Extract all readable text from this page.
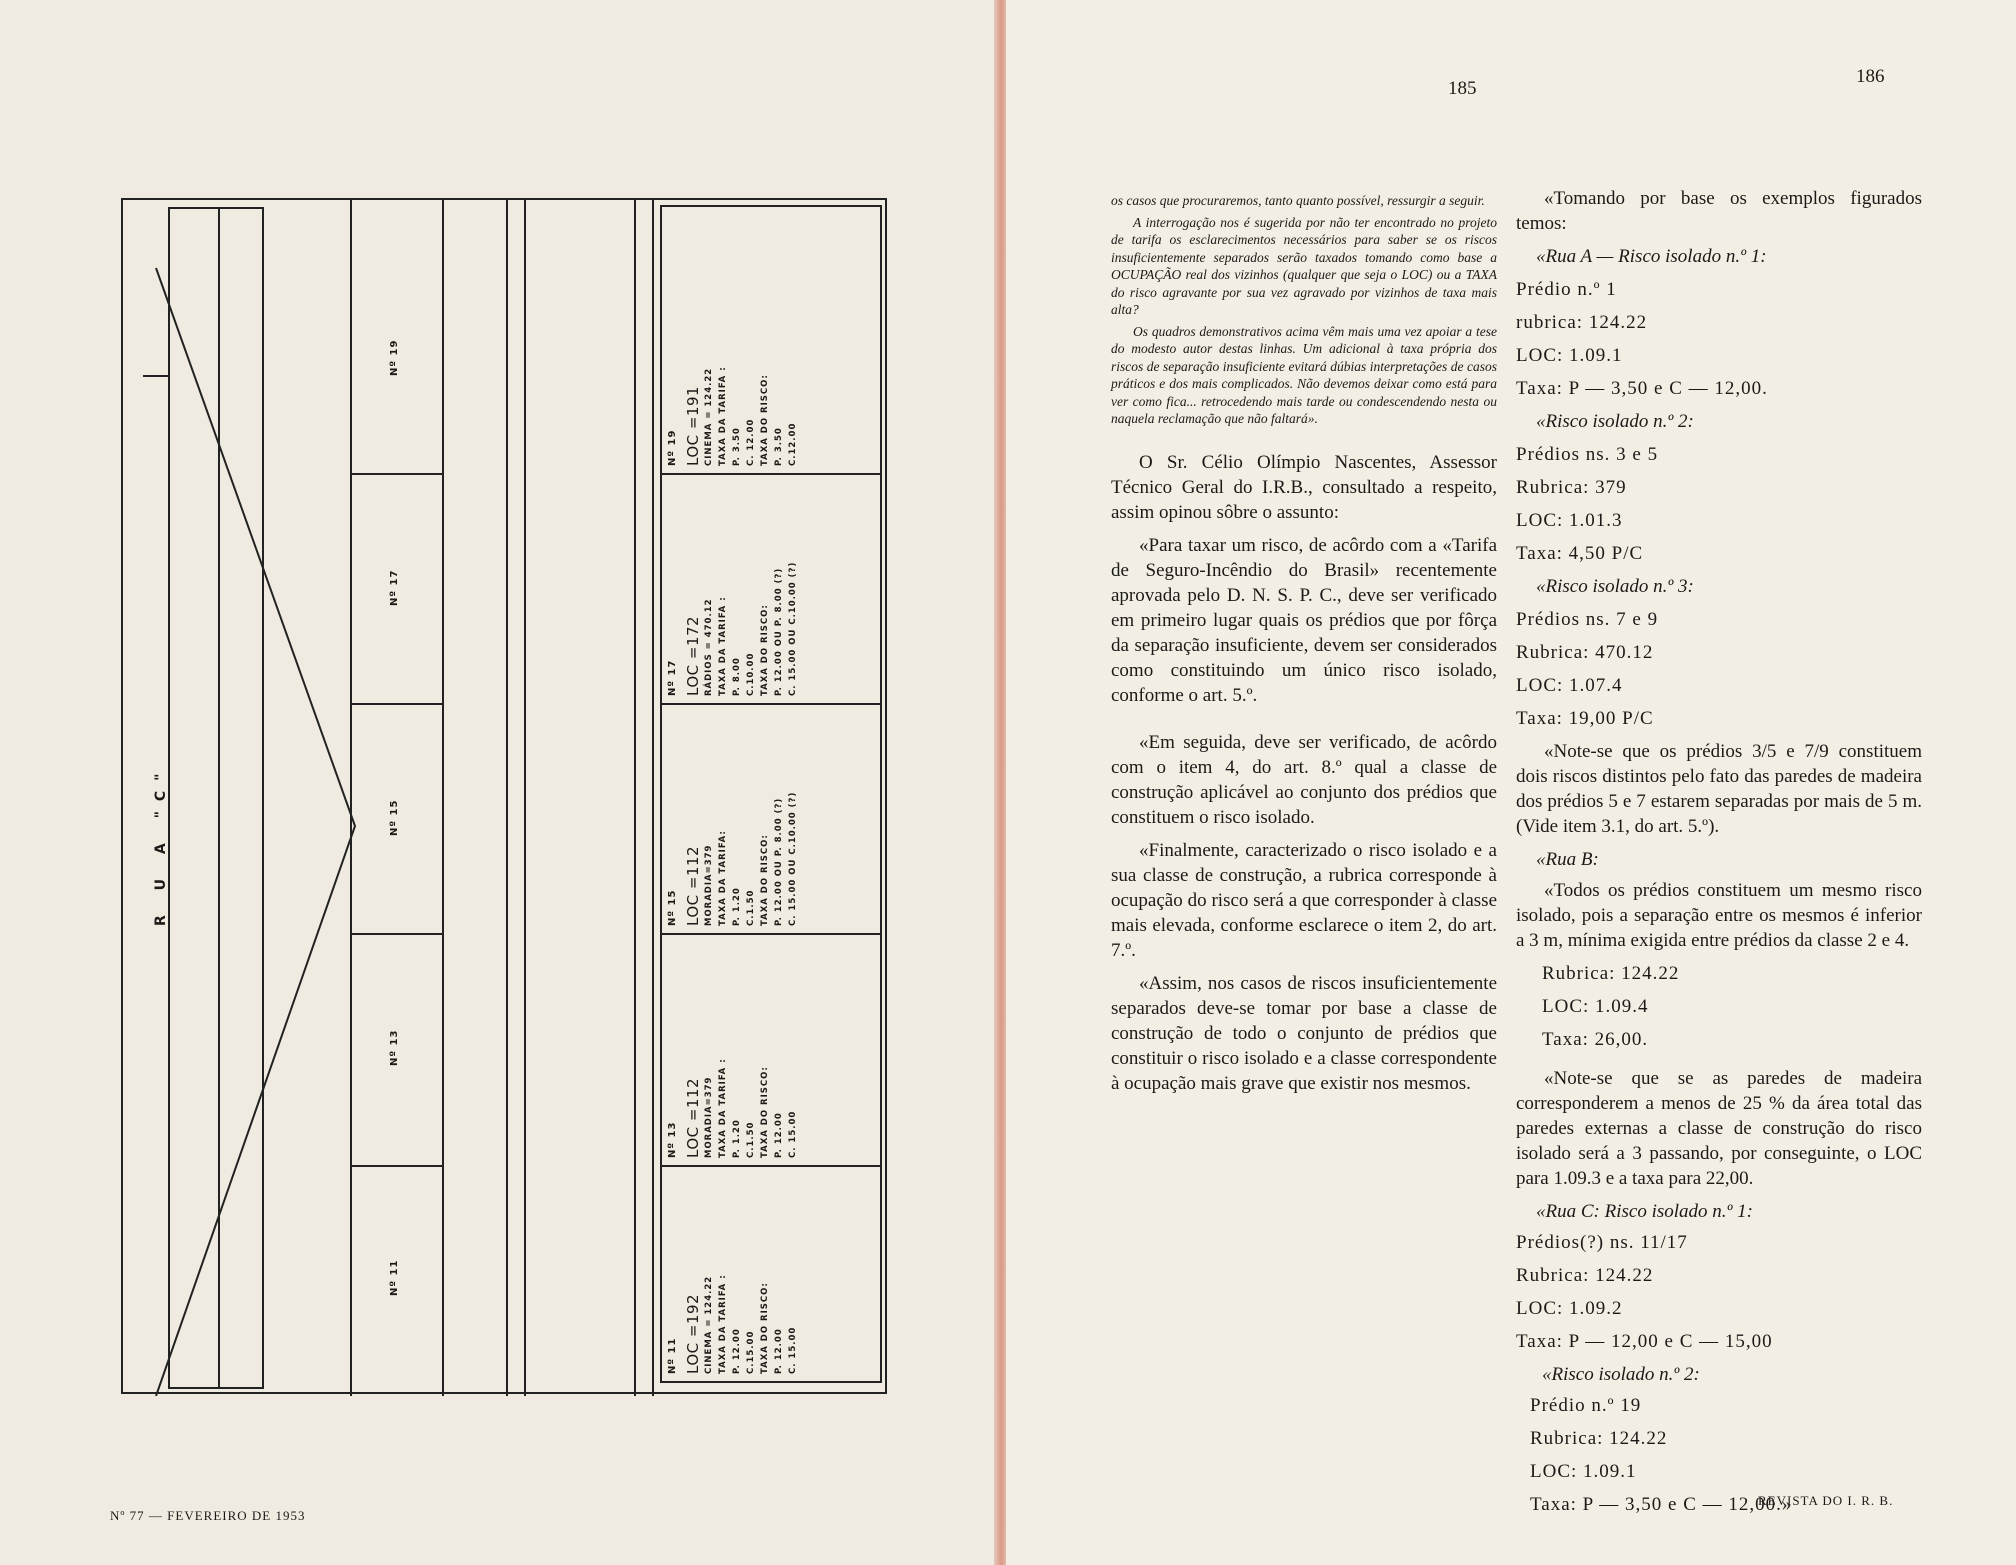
R U A "C"
Nº 11
Nº 13
Nº 15
Nº 17
Nº 19
Nº 11 LOC =192 CINEMA = 124.22 TAXA DA TARIFA : P. 12.00 C.15.00 TAXA DO RISCO: P. 12.00 C. 15.00
Nº 13 LOC =112 MORADIA=379 TAXA DA TARIFA : P. 1.20 C.1.50 TAXA DO RISCO: P. 12.00 C. 15.00
Nº 15 LOC =112 MORADIA=379 TAXA DA TARIFA: P. 1.20 C.1.50 TAXA DO RISCO: P. 12.00 OU P. 8.00 (?) C. 15.00 OU C.10.00 (?)
Nº 17 LOC =172 RÁDIOS = 470.12 TAXA DA TARIFA : P. 8.00 C.10.00 TAXA DO RISCO: P. 12.00 OU P. 8.00 (?) C. 15.00 OU C.10.00 (?)
Nº 19 LOC =191 CINEMA = 124.22 TAXA DA TARIFA : P. 3.50 C. 12.00 TAXA DO RISCO: P. 3.50 C.12.00
Nº 77 — FEVEREIRO DE 1953
185
186

os casos que procuraremos, tanto quanto possível, ressurgir a seguir.

A interrogação nos é sugerida por não ter encontrado no projeto de tarifa os esclarecimentos necessários para saber se os riscos insuficientemente separados serão taxados tomando como base a OCUPAÇÃO real dos vizinhos (qualquer que seja o LOC) ou a TAXA do risco agravante por sua vez agravado por vizinhos de taxa mais alta?

Os quadros demonstrativos acima vêm mais uma vez apoiar a tese do modesto autor destas linhas. Um adicional à taxa própria dos riscos de separação insuficiente evitará dúbias interpretações de casos práticos e dos mais complicados. Não devemos deixar como está para ver como fica... retrocedendo mais tarde ou condescendendo nesta ou naquela reclamação que não faltará».

O Sr. Célio Olímpio Nascentes, Assessor Técnico Geral do I.R.B., consultado a respeito, assim opinou sôbre o assunto:

«Para taxar um risco, de acôrdo com a «Tarifa de Seguro-Incêndio do Brasil» recentemente aprovada pelo D. N. S. P. C., deve ser verificado em primeiro lugar quais os prédios que por fôrça da separação insuficiente, devem ser considerados como constituindo um único risco isolado, conforme o art. 5.º.

«Em seguida, deve ser verificado, de acôrdo com o item 4, do art. 8.º qual a classe de construção aplicável ao conjunto dos prédios que constituem o risco isolado.

«Finalmente, caracterizado o risco isolado e a sua classe de construção, a rubrica corresponde à ocupação do risco será a que corresponder à classe mais elevada, conforme esclarece o item 2, do art. 7.º.

«Assim, nos casos de riscos insuficientemente separados deve-se tomar por base a classe de construção de todo o conjunto de prédios que constituir o risco isolado e a classe correspondente à ocupação mais grave que existir nos mesmos.

«Tomando por base os exemplos figurados temos:

«Rua A — Risco isolado n.º 1:

Prédio n.º 1

rubrica: 124.22

LOC: 1.09.1

Taxa: P — 3,50 e C — 12,00.

«Risco isolado n.º 2:

Prédios ns. 3 e 5

Rubrica: 379

LOC: 1.01.3

Taxa: 4,50 P/C

«Risco isolado n.º 3:

Prédios ns. 7 e 9

Rubrica: 470.12

LOC: 1.07.4

Taxa: 19,00 P/C

«Note-se que os prédios 3/5 e 7/9 constituem dois riscos distintos pelo fato das paredes de madeira dos prédios 5 e 7 estarem separadas por mais de 5 m. (Vide item 3.1, do art. 5.º).

«Rua B:

«Todos os prédios constituem um mesmo risco isolado, pois a separação entre os mesmos é inferior a 3 m, mínima exigida entre prédios da classe 2 e 4.

Rubrica: 124.22

LOC: 1.09.4

Taxa: 26,00.

«Note-se que se as paredes de madeira corresponderem a menos de 25 % da área total das paredes externas a classe de construção do risco isolado será a 3 passando, por conseguinte, o LOC para 1.09.3 e a taxa para 22,00.

«Rua C: Risco isolado n.º 1:

Prédios(?) ns. 11/17

Rubrica: 124.22

LOC: 1.09.2

Taxa: P — 12,00 e C — 15,00

«Risco isolado n.º 2:

Prédio n.º 19

Rubrica: 124.22

LOC: 1.09.1

Taxa: P — 3,50 e C — 12,00.»

REVISTA DO I. R. B.
